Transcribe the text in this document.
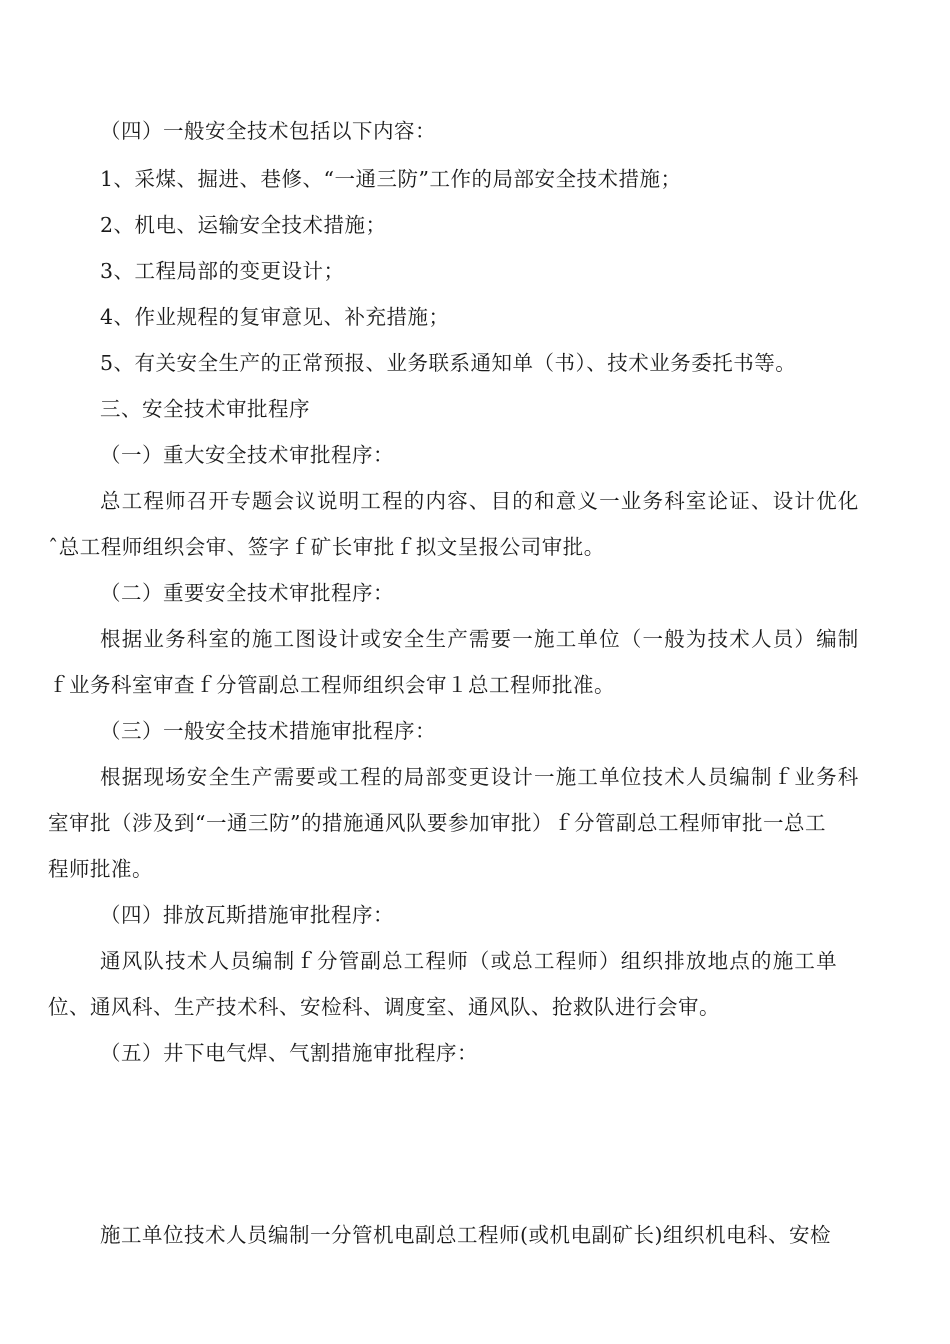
（四）一般安全技术包括以下内容：
1、采煤、掘进、巷修、“一通三防”工作的局部安全技术措施；
2、机电、运输安全技术措施；
3、工程局部的变更设计；
4、作业规程的复审意见、补充措施；
5、有关安全生产的正常预报、业务联系通知单（书）、技术业务委托书等。
三、安全技术审批程序
（一）重大安全技术审批程序：
总工程师召开专题会议说明工程的内容、目的和意义一业务科室论证、设计优化
ˆ总工程师组织会审、签字ｆ矿长审批ｆ拟文呈报公司审批。
（二）重要安全技术审批程序：
根据业务科室的施工图设计或安全生产需要一施工单位（一般为技术人员）编制
ｆ业务科室审查ｆ分管副总工程师组织会审１总工程师批准。
（三）一般安全技术措施审批程序：
根据现场安全生产需要或工程的局部变更设计一施工单位技术人员编制ｆ业务科
室审批（涉及到“一通三防”的措施通风队要参加审批）ｆ分管副总工程师审批一总工
程师批准。
（四）排放瓦斯措施审批程序：
通风队技术人员编制ｆ分管副总工程师（或总工程师）组织排放地点的施工单
位、通风科、生产技术科、安检科、调度室、通风队、抢救队进行会审。
（五）井下电气焊、气割措施审批程序：
施工单位技术人员编制一分管机电副总工程师(或机电副矿长)组织机电科、安检
